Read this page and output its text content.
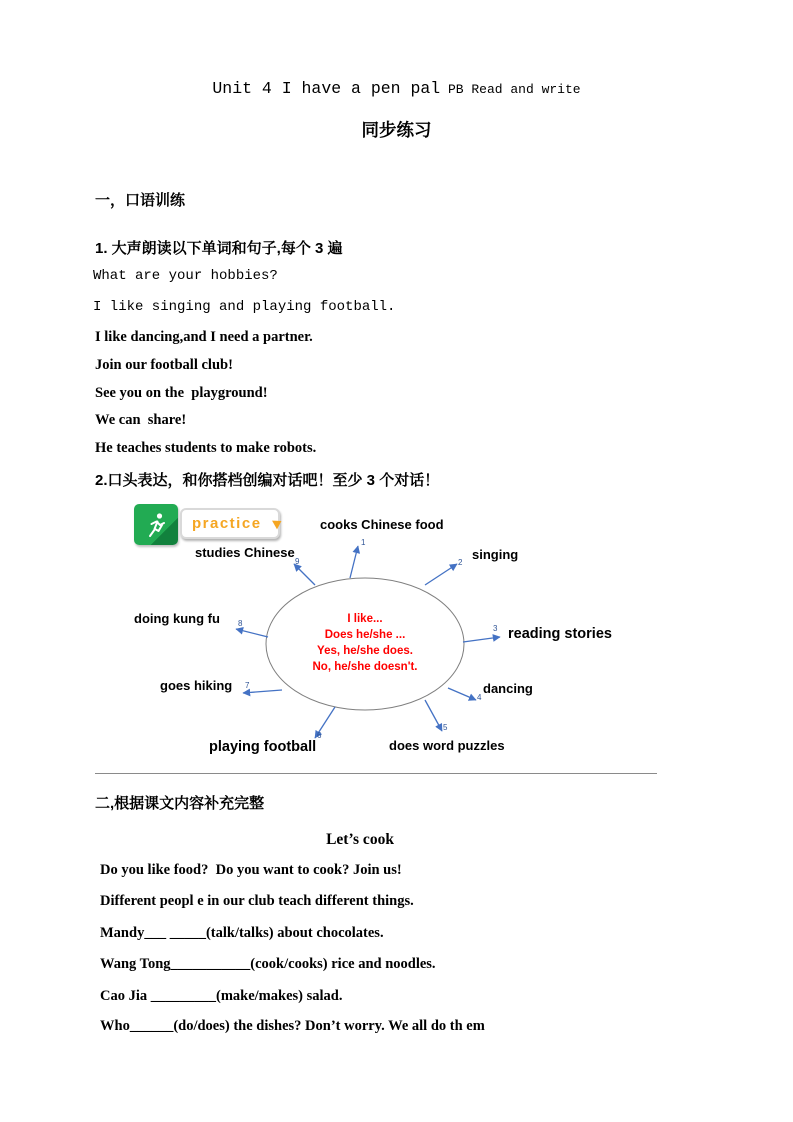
Unit 4 I have a pen pal PB Read and write
同步练习
一，口语训练
1. 大声朗读以下单词和句子,每个 3 遍
What are your hobbies?
I like singing and playing football.
I like dancing,and I need a partner.
Join our football club!
See you on the  playground!
We can  share!
He teaches students to make robots.
2.口头表达，和你搭档创编对话吧！至少 3 个对话！
practice
I like...
Does he/she ...
Yes, he/she does.
No, he/she doesn't.
cooks Chinese food
singing
reading stories
dancing
does word puzzles
playing football
goes hiking
doing kung fu
studies Chinese
1
2
3
4
5
6
7
8
9
二,根据课文内容补充完整
Let’s cook
Do you like food?  Do you want to cook? Join us!
Different peopl e in our club teach different things.
Mandy___ _____(talk/talks) about chocolates.
Wang Tong___________(cook/cooks) rice and noodles.
Cao Jia _________(make/makes) salad.
Who______(do/does) the dishes? Don’t worry. We all do th em
